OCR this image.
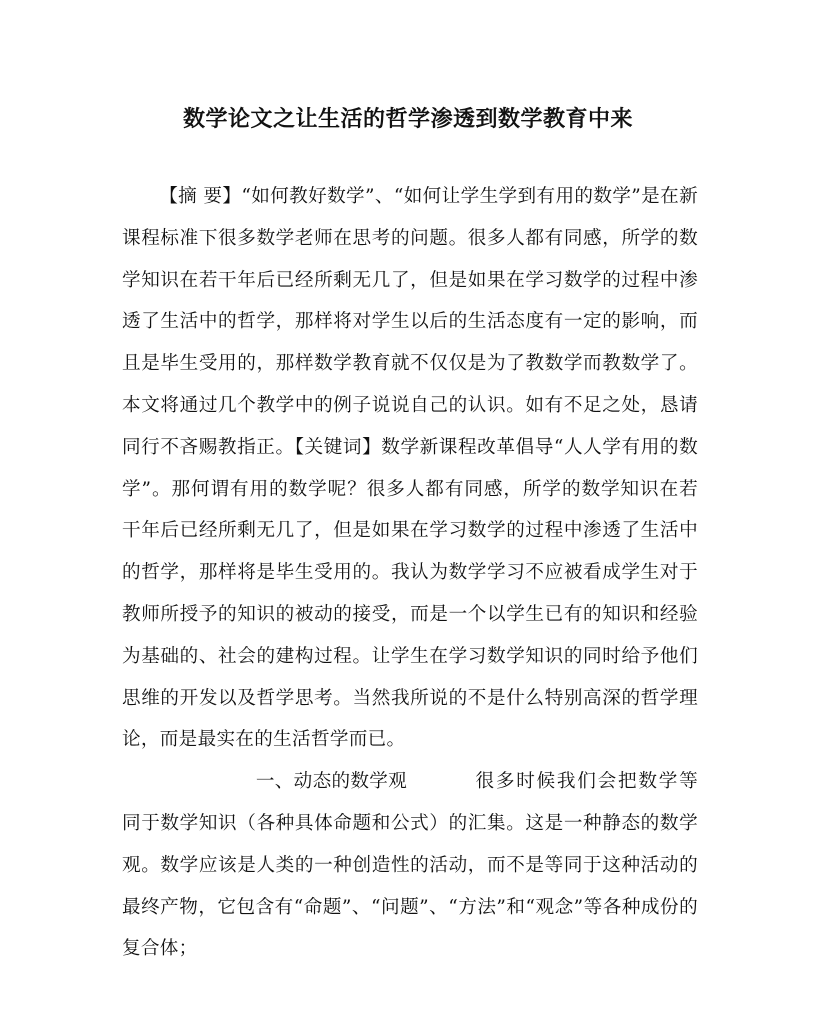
数学论文之让生活的哲学渗透到数学教育中来

【摘 要】“如何教好数学”、“如何让学生学到有用的数学”是在新课程标准下很多数学老师在思考的问题。很多人都有同感，所学的数学知识在若干年后已经所剩无几了，但是如果在学习数学的过程中渗透了生活中的哲学，那样将对学生以后的生活态度有一定的影响，而且是毕生受用的，那样数学教育就不仅仅是为了教数学而教数学了。本文将通过几个教学中的例子说说自己的认识。如有不足之处，恳请同行不吝赐教指正。【关键词】数学新课程改革倡导“人人学有用的数学”。那何谓有用的数学呢？很多人都有同感，所学的数学知识在若干年后已经所剩无几了，但是如果在学习数学的过程中渗透了生活中的哲学，那样将是毕生受用的。我认为数学学习不应被看成学生对于教师所授予的知识的被动的接受，而是一个以学生已有的知识和经验为基础的、社会的建构过程。让学生在学习数学知识的同时给予他们思维的开发以及哲学思考。当然我所说的不是什么特别高深的哲学理论，而是最实在的生活哲学而已。

一、动态的数学观	很多时候我们会把数学等同于数学知识（各种具体命题和公式）的汇集。这是一种静态的数学观。数学应该是人类的一种创造性的活动，而不是等同于这种活动的最终产物，它包含有“命题”、“问题”、“方法”和“观念”等各种成份的复合体；
